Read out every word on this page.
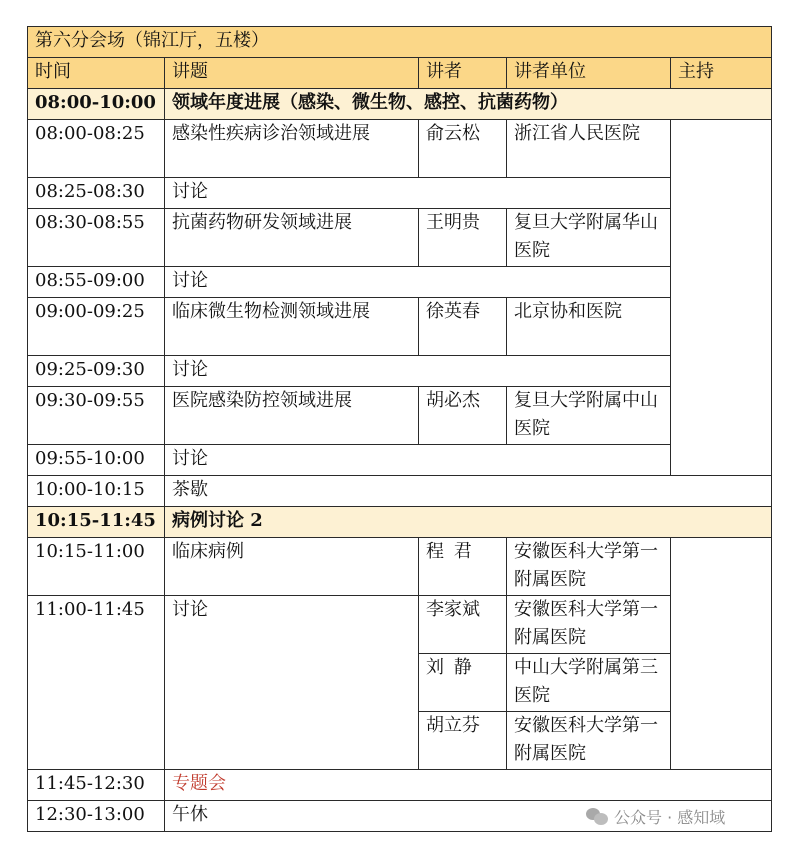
第六分会场（锦江厅，五楼）				
时间	讲题	讲者	讲者单位	主持
08:00-10:00	领域年度进展（感染、微生物、感控、抗菌药物）			
08:00-08:25	感染性疾病诊治领域进展	俞云松	浙江省人民医院	
08:25-08:30	讨论			
08:30-08:55	抗菌药物研发领域进展	王明贵	复旦大学附属华山医院	
08:55-09:00	讨论			
09:00-09:25	临床微生物检测领域进展	徐英春	北京协和医院	
09:25-09:30	讨论			
09:30-09:55	医院感染防控领域进展	胡必杰	复旦大学附属中山医院	
09:55-10:00	讨论			
10:00-10:15	茶歇			
10:15-11:45	病例讨论 2			
10:15-11:00	临床病例	程 君	安徽医科大学第一附属医院	
11:00-11:45	讨论	李家斌	安徽医科大学第一附属医院	
		刘 静	中山大学附属第三医院	
		胡立芬	安徽医科大学第一附属医院	
11:45-12:30	专题会			
12:30-13:00	午休				公众号 · 感知域
